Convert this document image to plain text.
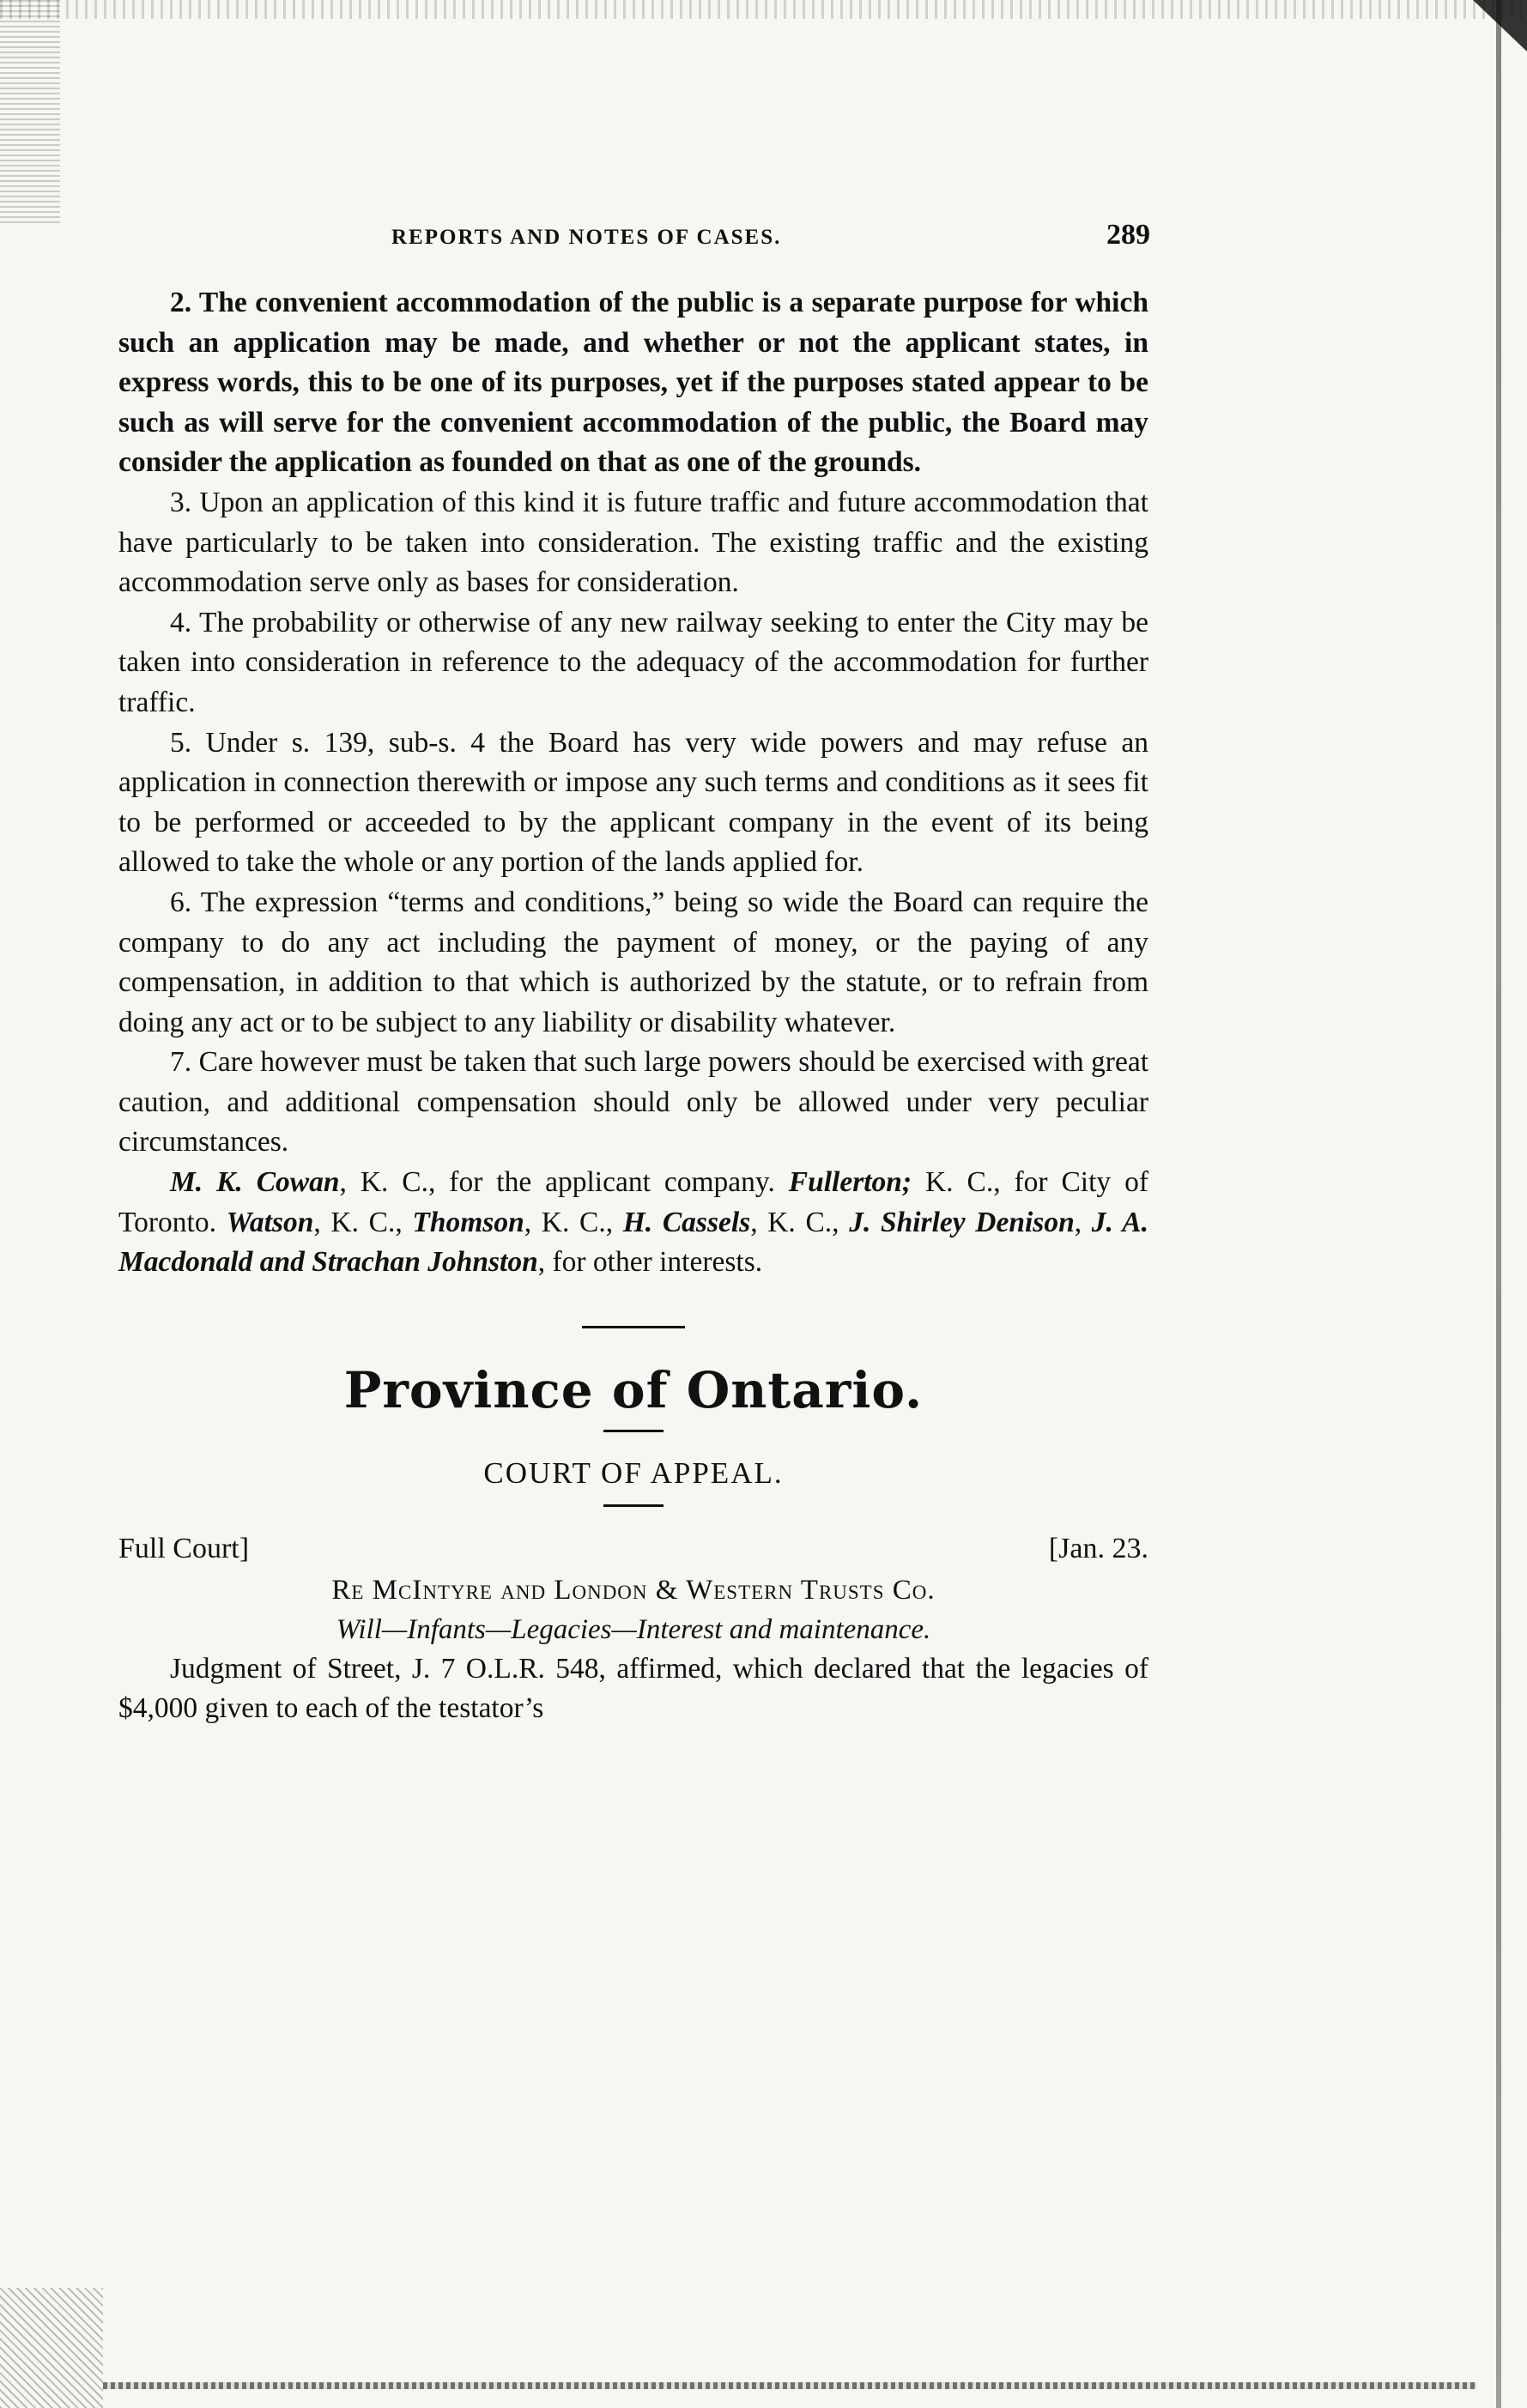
REPORTS AND NOTES OF CASES.	289

2. The convenient accommodation of the public is a separate purpose for which such an application may be made, and whether or not the applicant states, in express words, this to be one of its purposes, yet if the purposes stated appear to be such as will serve for the convenient accommodation of the public, the Board may consider the application as founded on that as one of the grounds.

3. Upon an application of this kind it is future traffic and future accommodation that have particularly to be taken into consideration. The existing traffic and the existing accommodation serve only as bases for consideration.

4. The probability or otherwise of any new railway seeking to enter the City may be taken into consideration in reference to the adequacy of the accommodation for further traffic.

5. Under s. 139, sub-s. 4 the Board has very wide powers and may refuse an application in connection therewith or impose any such terms and conditions as it sees fit to be performed or acceeded to by the applicant company in the event of its being allowed to take the whole or any portion of the lands applied for.

6. The expression “terms and conditions,” being so wide the Board can require the company to do any act including the payment of money, or the paying of any compensation, in addition to that which is authorized by the statute, or to refrain from doing any act or to be subject to any liability or disability whatever.

7. Care however must be taken that such large powers should be exercised with great caution, and additional compensation should only be allowed under very peculiar circumstances.

M. K. Cowan, K. C., for the applicant company. Fullerton; K. C., for City of Toronto. Watson, K. C., Thomson, K. C., H. Cassels, K. C., J. Shirley Denison, J. A. Macdonald and Strachan Johnston, for other interests.

Province of Ontario.
COURT OF APPEAL.
Full Court]	[Jan. 23.
Re McIntyre and London & Western Trusts Co.
Will—Infants—Legacies—Interest and maintenance.

Judgment of Street, J. 7 O.L.R. 548, affirmed, which declared that the legacies of $4,000 given to each of the testator’s
